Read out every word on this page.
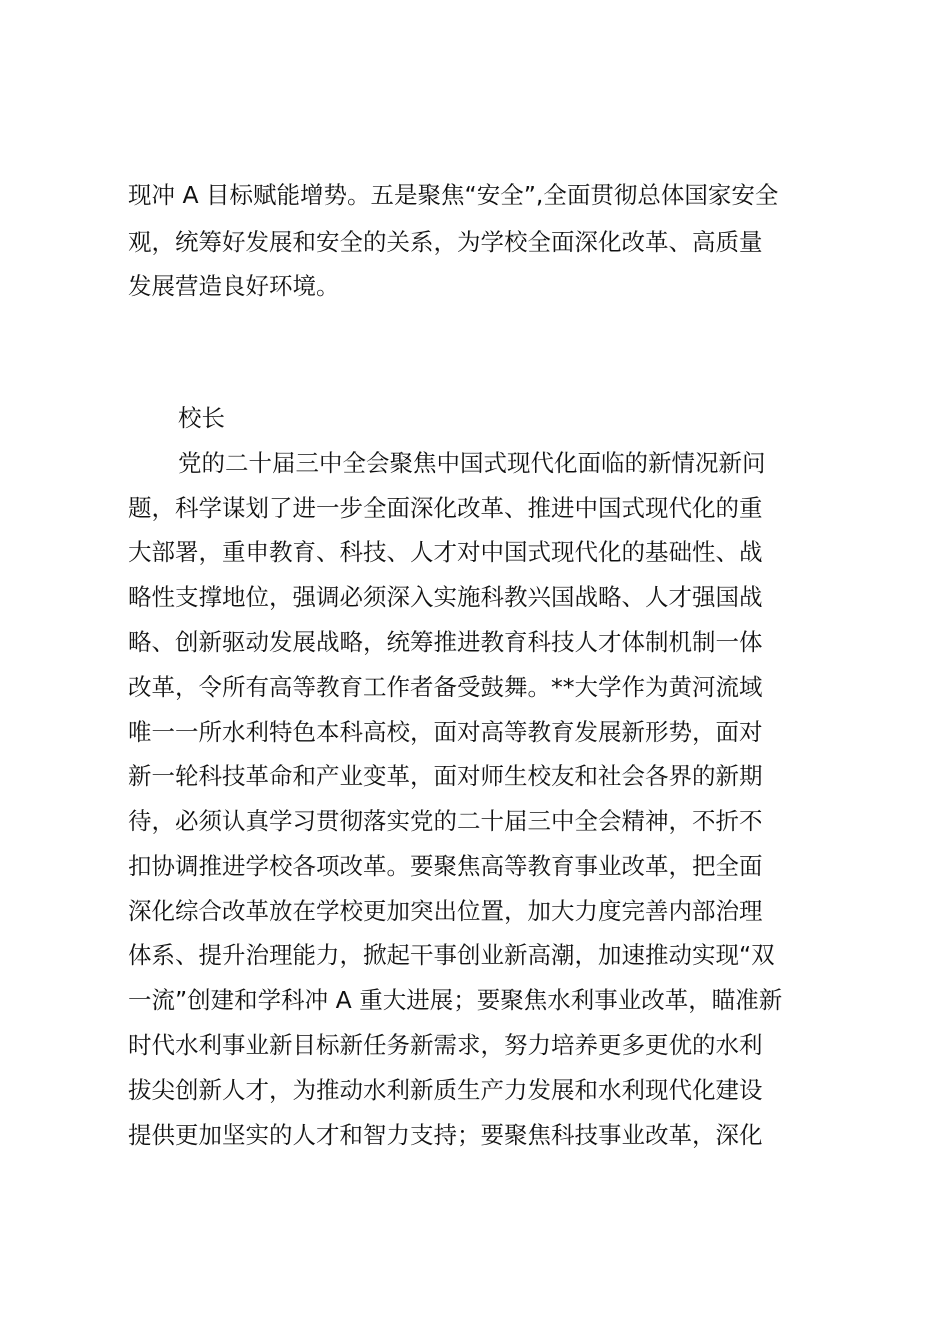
现冲 A 目标赋能增势。五是聚焦“安全”,全面贯彻总体国家安全
观，统筹好发展和安全的关系，为学校全面深化改革、高质量
发展营造良好环境。
校长
党的二十届三中全会聚焦中国式现代化面临的新情况新问
题，科学谋划了进一步全面深化改革、推进中国式现代化的重
大部署，重申教育、科技、人才对中国式现代化的基础性、战
略性支撑地位，强调必须深入实施科教兴国战略、人才强国战
略、创新驱动发展战略，统筹推进教育科技人才体制机制一体
改革，令所有高等教育工作者备受鼓舞。**大学作为黄河流域
唯一一所水利特色本科高校，面对高等教育发展新形势，面对
新一轮科技革命和产业变革，面对师生校友和社会各界的新期
待，必须认真学习贯彻落实党的二十届三中全会精神，不折不
扣协调推进学校各项改革。要聚焦高等教育事业改革，把全面
深化综合改革放在学校更加突出位置，加大力度完善内部治理
体系、提升治理能力，掀起干事创业新高潮，加速推动实现“双
一流”创建和学科冲 A 重大进展；要聚焦水利事业改革，瞄准新
时代水利事业新目标新任务新需求，努力培养更多更优的水利
拔尖创新人才，为推动水利新质生产力发展和水利现代化建设
提供更加坚实的人才和智力支持；要聚焦科技事业改革，深化
